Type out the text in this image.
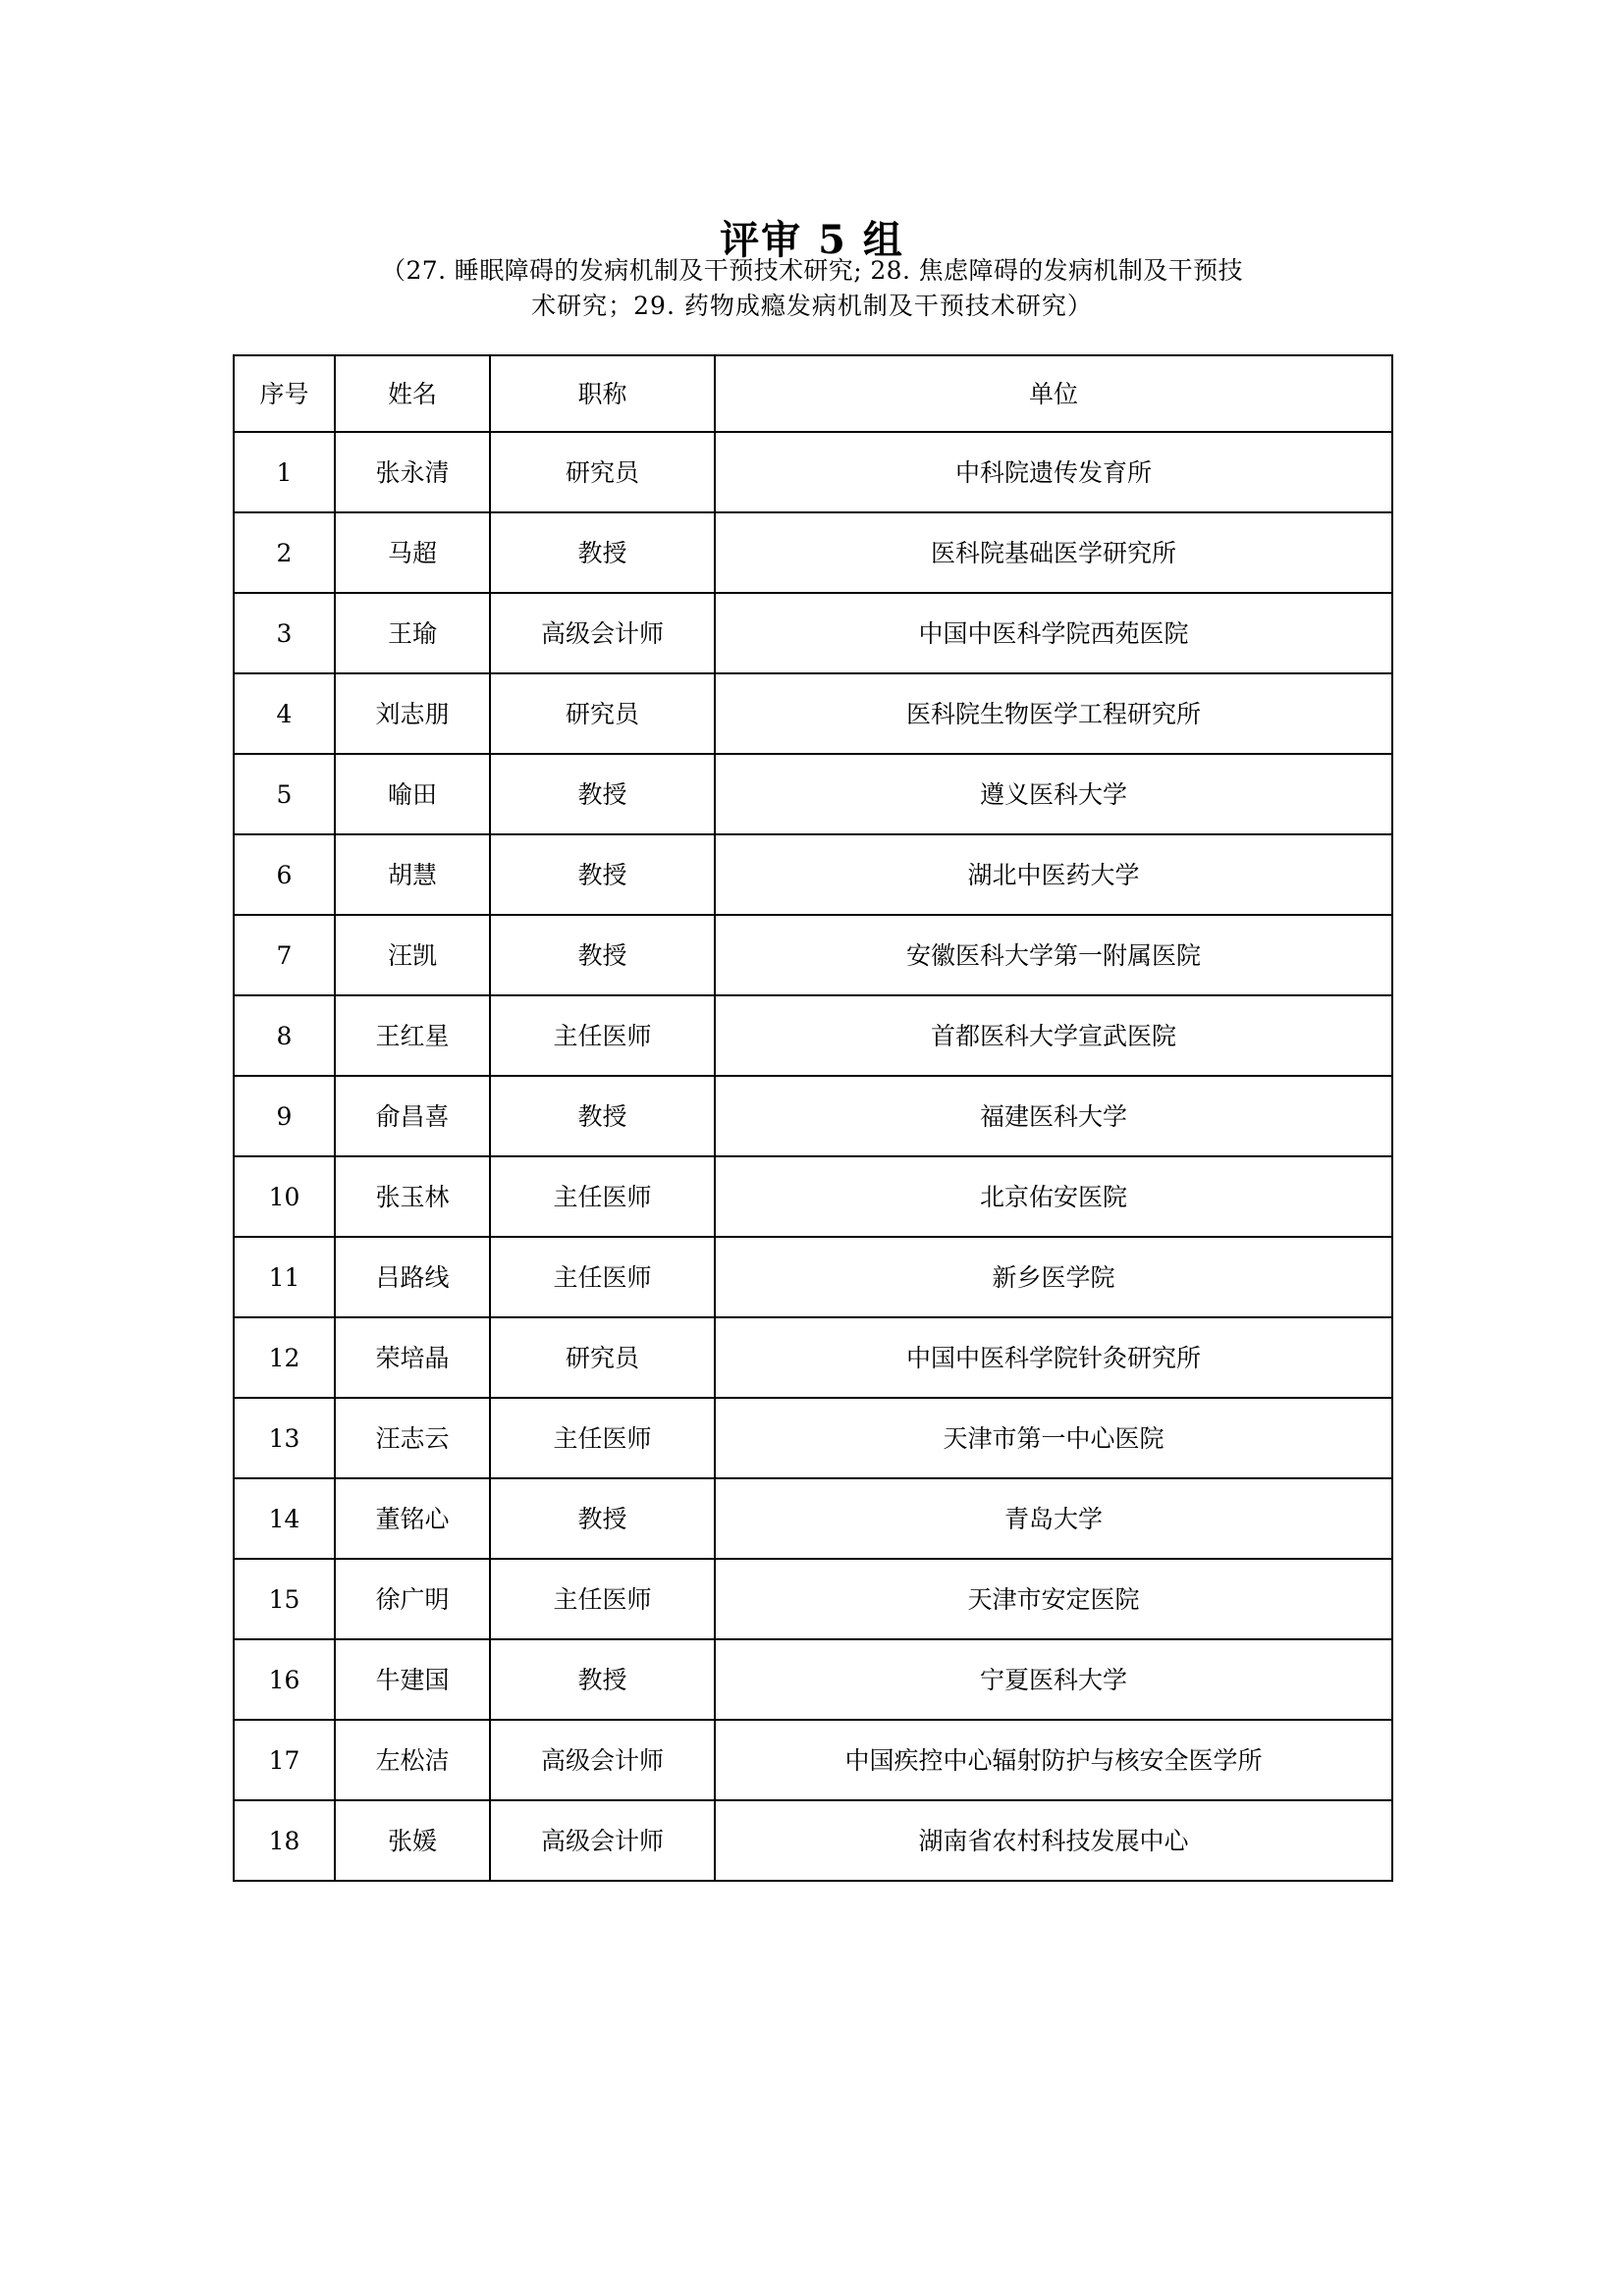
评审 5 组
（27. 睡眠障碍的发病机制及干预技术研究; 28. 焦虑障碍的发病机制及干预技
术研究；29. 药物成瘾发病机制及干预技术研究）
序号	姓名	职称	单位
1	张永清	研究员	中科院遗传发育所
2	马超	教授	医科院基础医学研究所
3	王瑜	高级会计师	中国中医科学院西苑医院
4	刘志朋	研究员	医科院生物医学工程研究所
5	喻田	教授	遵义医科大学
6	胡慧	教授	湖北中医药大学
7	汪凯	教授	安徽医科大学第一附属医院
8	王红星	主任医师	首都医科大学宣武医院
9	俞昌喜	教授	福建医科大学
10	张玉林	主任医师	北京佑安医院
11	吕路线	主任医师	新乡医学院
12	荣培晶	研究员	中国中医科学院针灸研究所
13	汪志云	主任医师	天津市第一中心医院
14	董铭心	教授	青岛大学
15	徐广明	主任医师	天津市安定医院
16	牛建国	教授	宁夏医科大学
17	左松洁	高级会计师	中国疾控中心辐射防护与核安全医学所
18	张媛	高级会计师	湖南省农村科技发展中心
